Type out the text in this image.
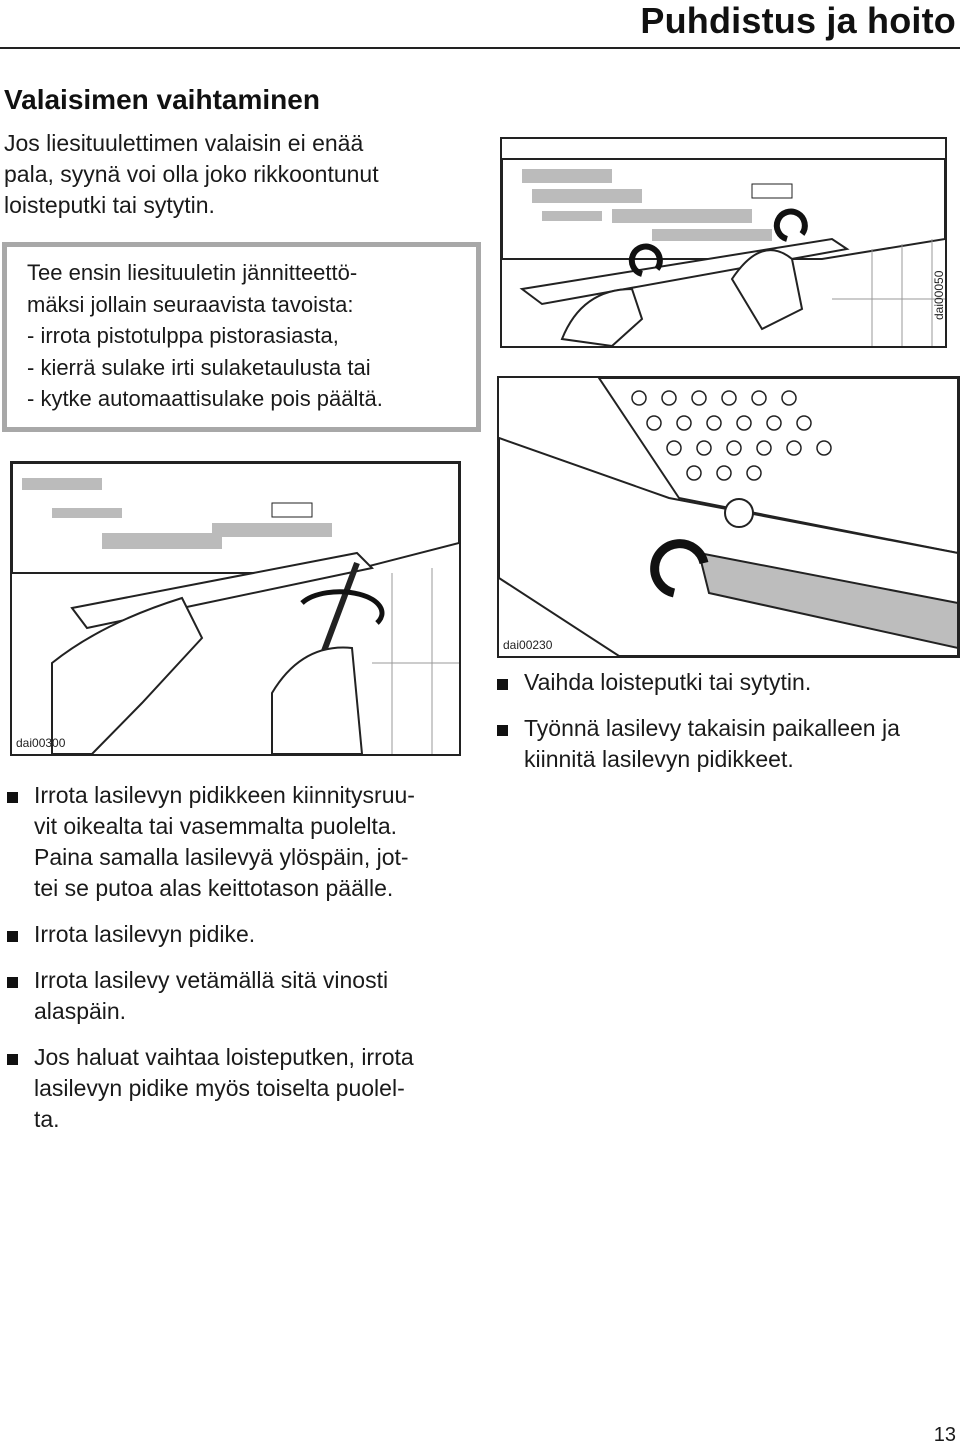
Puhdistus ja hoito
Valaisimen vaihtaminen

Jos liesituulettimen valaisin ei enää
pala, syynä voi olla joko rikkoontunut
loisteputki tai sytytin.

Tee ensin liesituuletin jännitteettö-
mäksi jollain seuraavista tavoista:
- irrota pistotulppa pistorasiasta,
- kierrä sulake irti sulaketaulusta tai
- kytke automaattisulake pois päältä.
dai00050
dai00300
dai00230
Irrota lasilevyn pidikkeen kiinnitysruu-
vit oikealta tai vasemmalta puolelta.
Paina samalla lasilevyä ylöspäin, jot-
tei se putoa alas keittotason päälle.
Irrota lasilevyn pidike.
Irrota lasilevy vetämällä sitä vinosti
alaspäin.
Jos haluat vaihtaa loisteputken, irrota
lasilevyn pidike myös toiselta puolel-
ta.
Vaihda loisteputki tai sytytin.
Työnnä lasilevy takaisin paikalleen ja
kiinnitä lasilevyn pidikkeet.
13
